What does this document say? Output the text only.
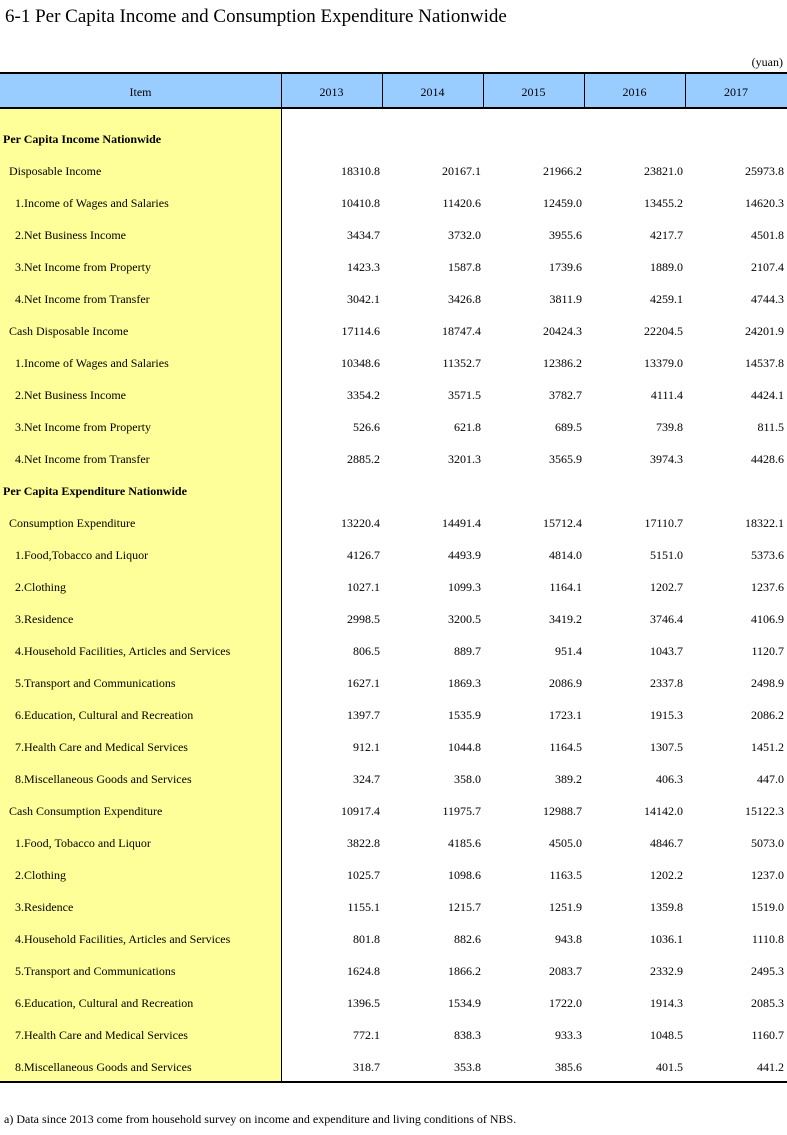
6-1 Per Capita Income and Consumption Expenditure Nationwide
(yuan)
Item	2013	2014	2015	2016	2017
Per Capita Income Nationwide
Disposable Income	18310.8	20167.1	21966.2	23821.0	25973.8
1.Income of Wages and Salaries	10410.8	11420.6	12459.0	13455.2	14620.3
2.Net Business Income	3434.7	3732.0	3955.6	4217.7	4501.8
3.Net Income from Property	1423.3	1587.8	1739.6	1889.0	2107.4
4.Net Income from Transfer	3042.1	3426.8	3811.9	4259.1	4744.3
Cash Disposable Income	17114.6	18747.4	20424.3	22204.5	24201.9
1.Income of Wages and Salaries	10348.6	11352.7	12386.2	13379.0	14537.8
2.Net Business Income	3354.2	3571.5	3782.7	4111.4	4424.1
3.Net Income from Property	526.6	621.8	689.5	739.8	811.5
4.Net Income from Transfer	2885.2	3201.3	3565.9	3974.3	4428.6
Per Capita Expenditure Nationwide
Consumption Expenditure	13220.4	14491.4	15712.4	17110.7	18322.1
1.Food,Tobacco and Liquor	4126.7	4493.9	4814.0	5151.0	5373.6
2.Clothing	1027.1	1099.3	1164.1	1202.7	1237.6
3.Residence	2998.5	3200.5	3419.2	3746.4	4106.9
4.Household Facilities, Articles and Services	806.5	889.7	951.4	1043.7	1120.7
5.Transport and Communications	1627.1	1869.3	2086.9	2337.8	2498.9
6.Education, Cultural and Recreation	1397.7	1535.9	1723.1	1915.3	2086.2
7.Health Care and Medical Services	912.1	1044.8	1164.5	1307.5	1451.2
8.Miscellaneous Goods and Services	324.7	358.0	389.2	406.3	447.0
Cash Consumption Expenditure	10917.4	11975.7	12988.7	14142.0	15122.3
1.Food, Tobacco and Liquor	3822.8	4185.6	4505.0	4846.7	5073.0
2.Clothing	1025.7	1098.6	1163.5	1202.2	1237.0
3.Residence	1155.1	1215.7	1251.9	1359.8	1519.0
4.Household Facilities, Articles and Services	801.8	882.6	943.8	1036.1	1110.8
5.Transport and Communications	1624.8	1866.2	2083.7	2332.9	2495.3
6.Education, Cultural and Recreation	1396.5	1534.9	1722.0	1914.3	2085.3
7.Health Care and Medical Services	772.1	838.3	933.3	1048.5	1160.7
8.Miscellaneous Goods and Services	318.7	353.8	385.6	401.5	441.2
a) Data since 2013 come from household survey on income and expenditure and living conditions of NBS.
